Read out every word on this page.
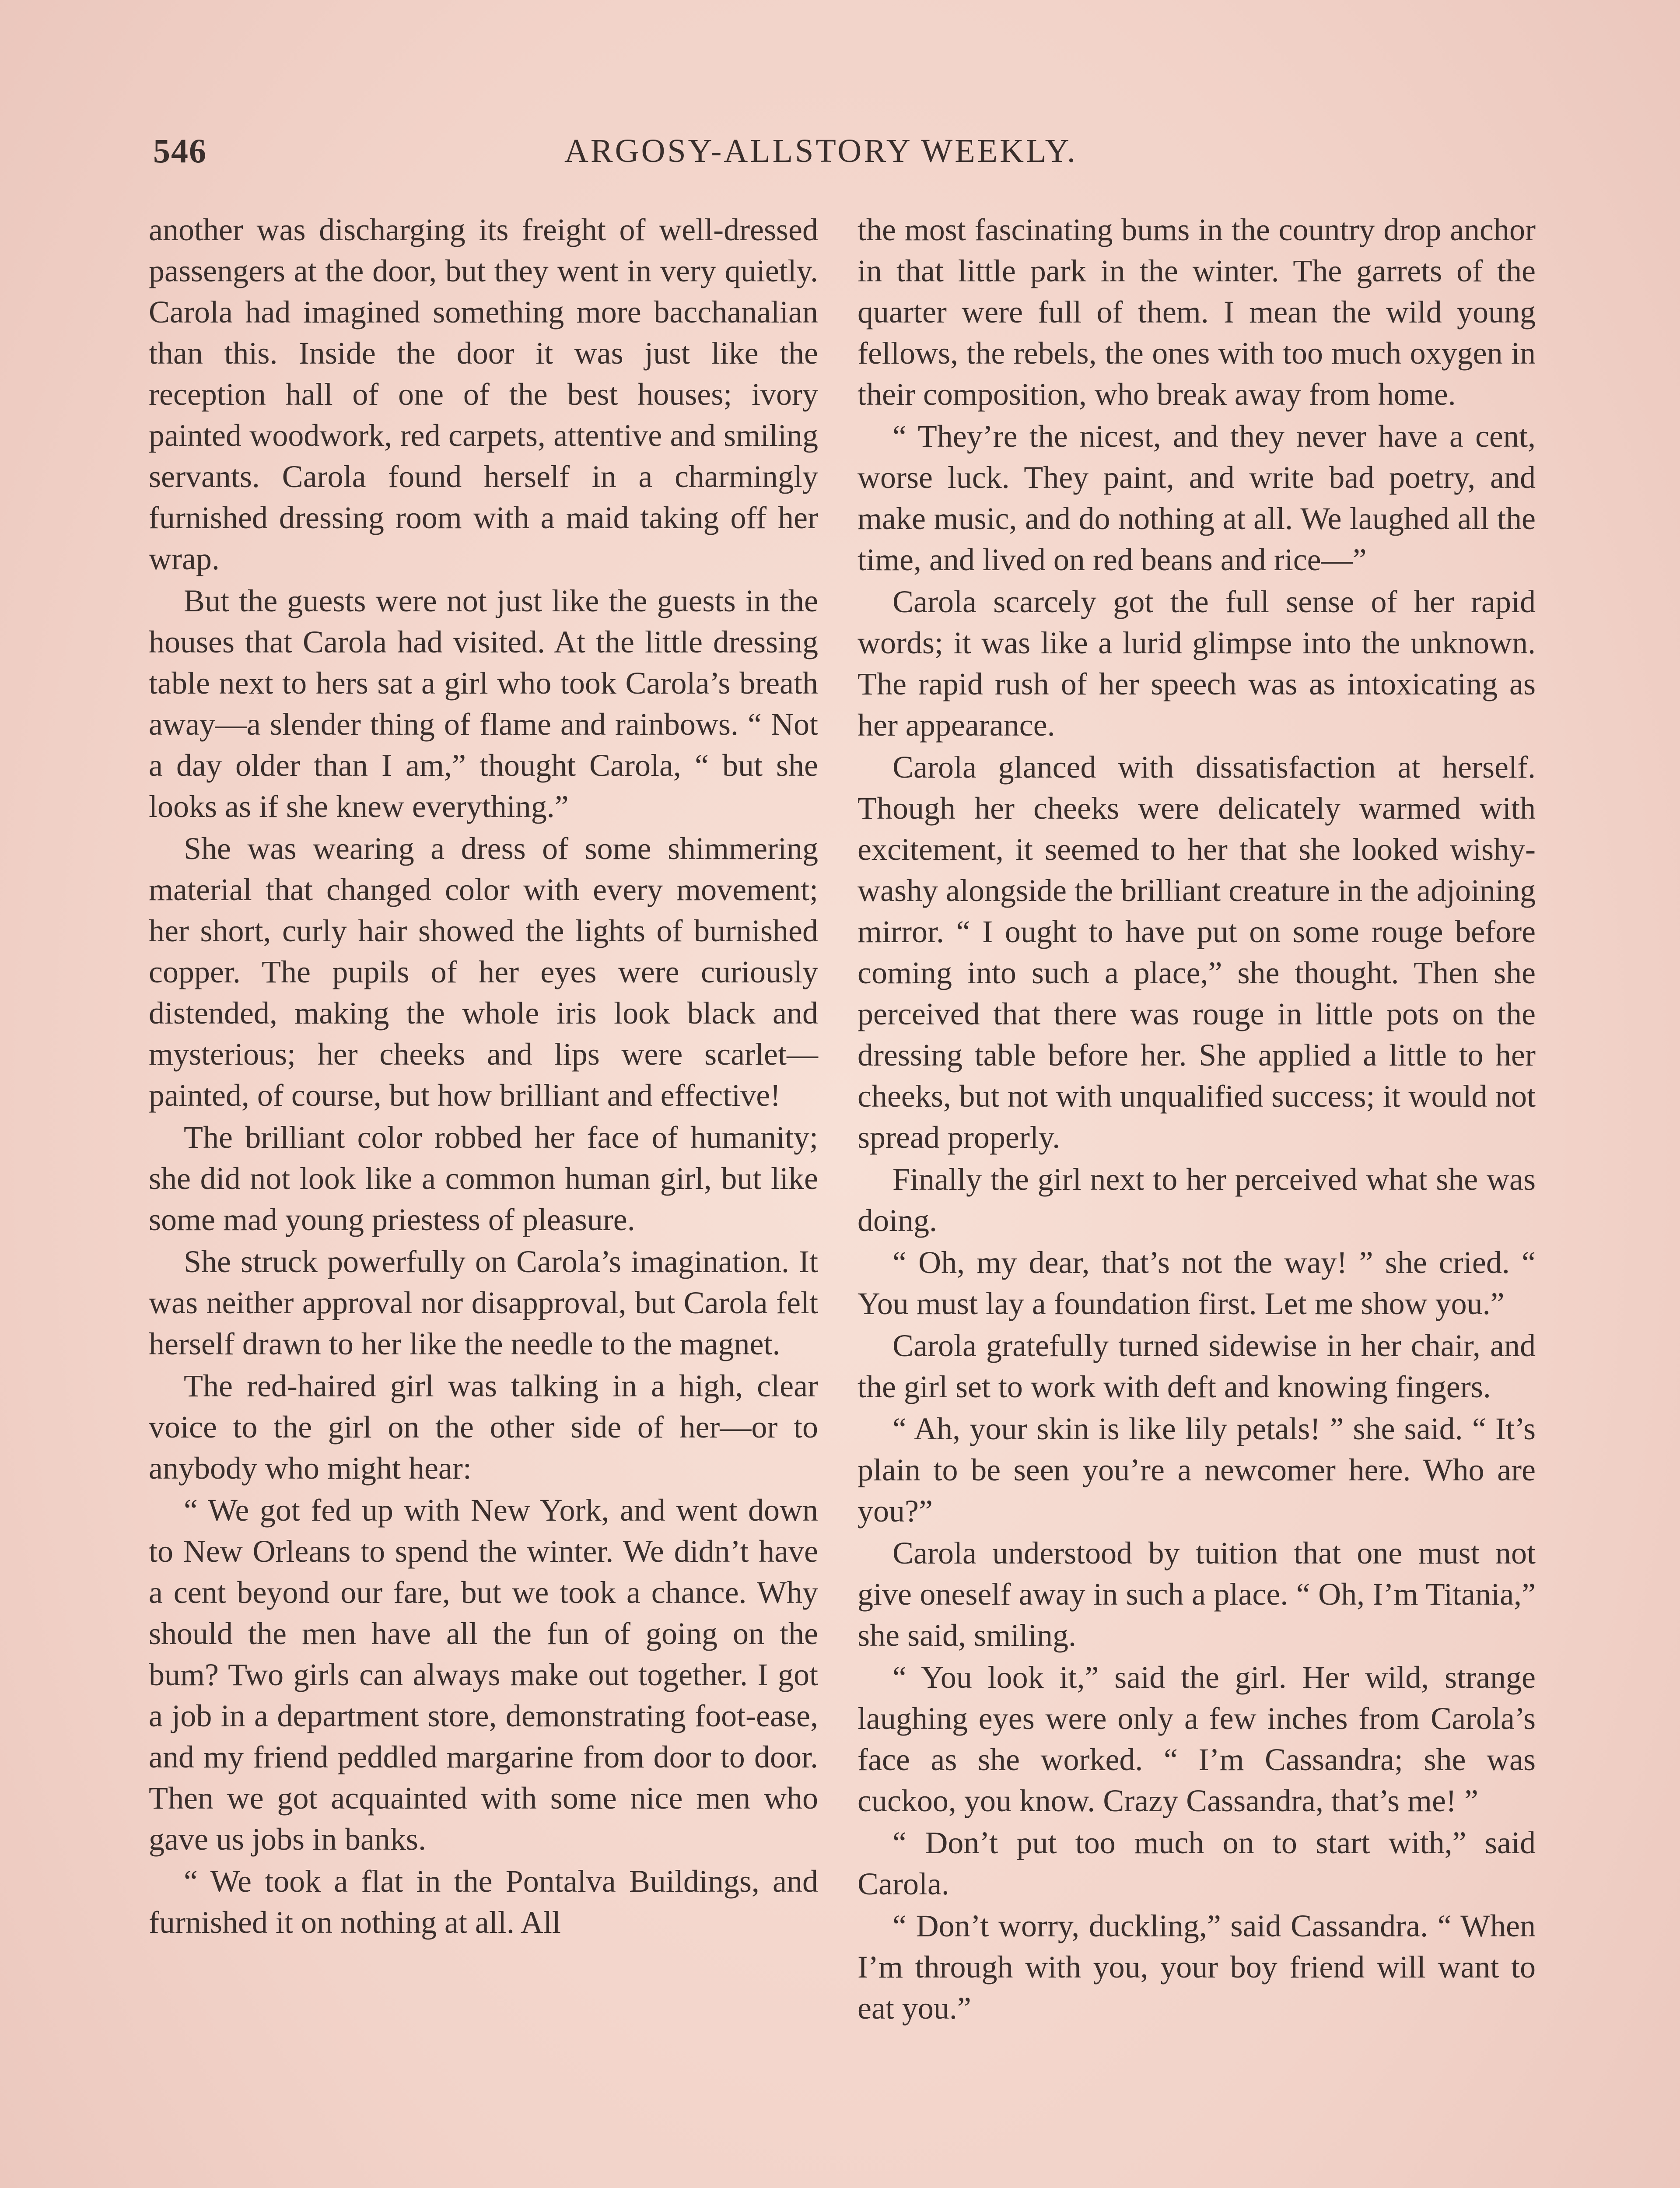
546	ARGOSY-ALLSTORY WEEKLY.

another was discharging its freight of well-dressed passengers at the door, but they went in very quietly. Carola had imagined something more bacchanalian than this. Inside the door it was just like the reception hall of one of the best houses; ivory painted woodwork, red carpets, attentive and smiling servants. Carola found herself in a charmingly furnished dressing room with a maid taking off her wrap.

But the guests were not just like the guests in the houses that Carola had visited. At the little dressing table next to hers sat a girl who took Carola’s breath away—a slender thing of flame and rainbows. “ Not a day older than I am,” thought Carola, “ but she looks as if she knew everything.”

She was wearing a dress of some shimmering material that changed color with every movement; her short, curly hair showed the lights of burnished copper. The pupils of her eyes were curiously distended, making the whole iris look black and mysterious; her cheeks and lips were scarlet—painted, of course, but how brilliant and effective!

The brilliant color robbed her face of humanity; she did not look like a common human girl, but like some mad young priestess of pleasure.

She struck powerfully on Carola’s imagination. It was neither approval nor disapproval, but Carola felt herself drawn to her like the needle to the magnet.

The red-haired girl was talking in a high, clear voice to the girl on the other side of her—or to anybody who might hear:

“ We got fed up with New York, and went down to New Orleans to spend the winter. We didn’t have a cent beyond our fare, but we took a chance. Why should the men have all the fun of going on the bum? Two girls can always make out together. I got a job in a department store, demonstrating foot-ease, and my friend peddled margarine from door to door. Then we got acquainted with some nice men who gave us jobs in banks.

“ We took a flat in the Pontalva Buildings, and furnished it on nothing at all. All

the most fascinating bums in the country drop anchor in that little park in the winter. The garrets of the quarter were full of them. I mean the wild young fellows, the rebels, the ones with too much oxygen in their composition, who break away from home.

“ They’re the nicest, and they never have a cent, worse luck. They paint, and write bad poetry, and make music, and do nothing at all. We laughed all the time, and lived on red beans and rice—”

Carola scarcely got the full sense of her rapid words; it was like a lurid glimpse into the unknown. The rapid rush of her speech was as intoxicating as her appearance.

Carola glanced with dissatisfaction at herself. Though her cheeks were delicately warmed with excitement, it seemed to her that she looked wishy-washy alongside the brilliant creature in the adjoining mirror. “ I ought to have put on some rouge before coming into such a place,” she thought. Then she perceived that there was rouge in little pots on the dressing table before her. She applied a little to her cheeks, but not with unqualified success; it would not spread properly.

Finally the girl next to her perceived what she was doing.

“ Oh, my dear, that’s not the way! ” she cried. “ You must lay a foundation first. Let me show you.”

Carola gratefully turned sidewise in her chair, and the girl set to work with deft and knowing fingers.

“ Ah, your skin is like lily petals! ” she said. “ It’s plain to be seen you’re a newcomer here. Who are you?”

Carola understood by tuition that one must not give oneself away in such a place. “ Oh, I’m Titania,” she said, smiling.

“ You look it,” said the girl. Her wild, strange laughing eyes were only a few inches from Carola’s face as she worked. “ I’m Cassandra; she was cuckoo, you know. Crazy Cassandra, that’s me! ”

“ Don’t put too much on to start with,” said Carola.

“ Don’t worry, duckling,” said Cassandra. “ When I’m through with you, your boy friend will want to eat you.”
